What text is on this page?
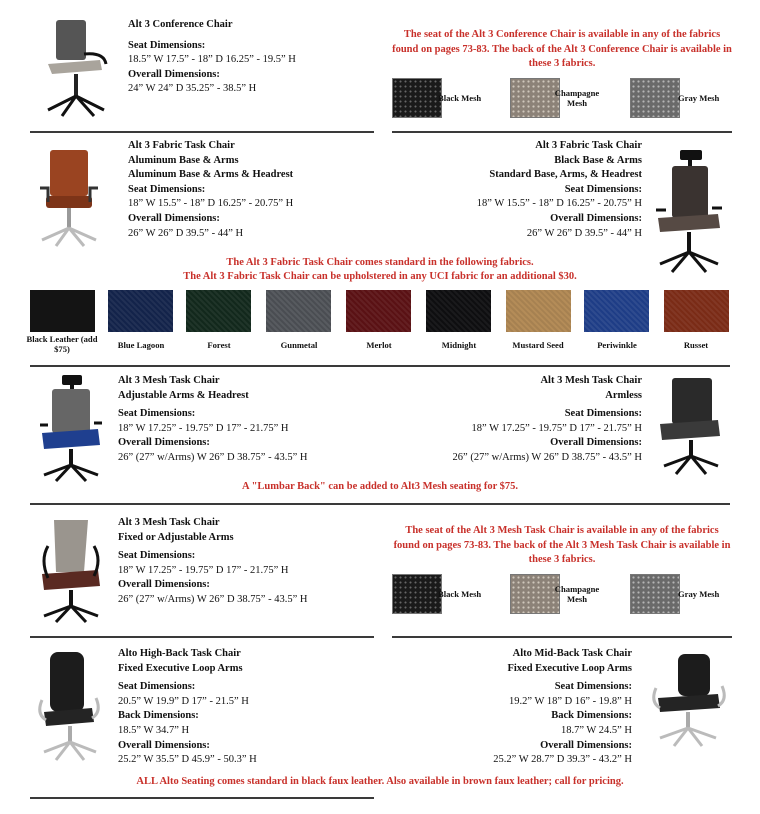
Alt 3 Conference Chair
Seat Dimensions:
18.5” W 17.5” - 18” D 16.25” - 19.5” H
Overall Dimensions:
24” W 24” D 35.25” - 38.5” H
The seat of the Alt 3 Conference Chair is available in any of the fabrics found on pages 73-83. The back of the Alt 3 Conference Chair is available in these 3 fabrics.
Black Mesh	Champagne Mesh	Gray Mesh
Alt 3 Fabric Task Chair
Aluminum Base & Arms
Aluminum Base & Arms & Headrest
Seat Dimensions:
18” W 15.5” - 18” D 16.25” - 20.75” H
Overall Dimensions:
26” W 26” D 39.5” - 44” H
Alt 3 Fabric Task Chair
Black Base & Arms
Standard Base, Arms, & Headrest
Seat Dimensions:
18” W 15.5” - 18” D 16.25” - 20.75” H
Overall Dimensions:
26” W 26” D 39.5” - 44” H
The Alt 3 Fabric Task Chair comes standard in the following fabrics.
The Alt 3 Fabric Task Chair can be upholstered in any UCI fabric for an additional $30.
Black Leather (add $75)	Blue Lagoon	Forest	Gunmetal	Merlot	Midnight	Mustard Seed	Periwinkle	Russet
Alt 3 Mesh Task Chair
Adjustable Arms & Headrest
Seat Dimensions:
18” W 17.25” - 19.75” D 17” - 21.75” H
Overall Dimensions:
26” (27” w/Arms) W 26” D 38.75” - 43.5” H
Alt 3 Mesh Task Chair
Armless
Seat Dimensions:
18” W 17.25” - 19.75” D 17” - 21.75” H
Overall Dimensions:
26” (27” w/Arms) W 26” D 38.75” - 43.5” H
A "Lumbar Back" can be added to Alt3 Mesh seating for $75.
Alt 3 Mesh Task Chair
Fixed or Adjustable Arms
Seat Dimensions:
18” W 17.25” - 19.75” D 17” - 21.75” H
Overall Dimensions:
26” (27” w/Arms) W 26” D 38.75” - 43.5” H
The seat of the Alt 3 Mesh Task Chair is available in any of the fabrics found on pages 73-83. The back of the Alt 3 Mesh Task Chair is available in these 3 fabrics.
Black Mesh	Champagne Mesh	Gray Mesh
Alto High-Back Task Chair
Fixed Executive Loop Arms
Seat Dimensions:
20.5” W 19.9” D 17” - 21.5” H
Back Dimensions:
18.5” W 34.7” H
Overall Dimensions:
25.2” W 35.5” D 45.9” - 50.3” H
Alto Mid-Back Task Chair
Fixed Executive Loop Arms
Seat Dimensions:
19.2” W 18” D 16” - 19.8” H
Back Dimensions:
18.7” W 24.5” H
Overall Dimensions:
25.2” W 28.7” D 39.3” - 43.2” H
ALL Alto Seating comes standard in black faux leather. Also available in brown faux leather; call for pricing.
